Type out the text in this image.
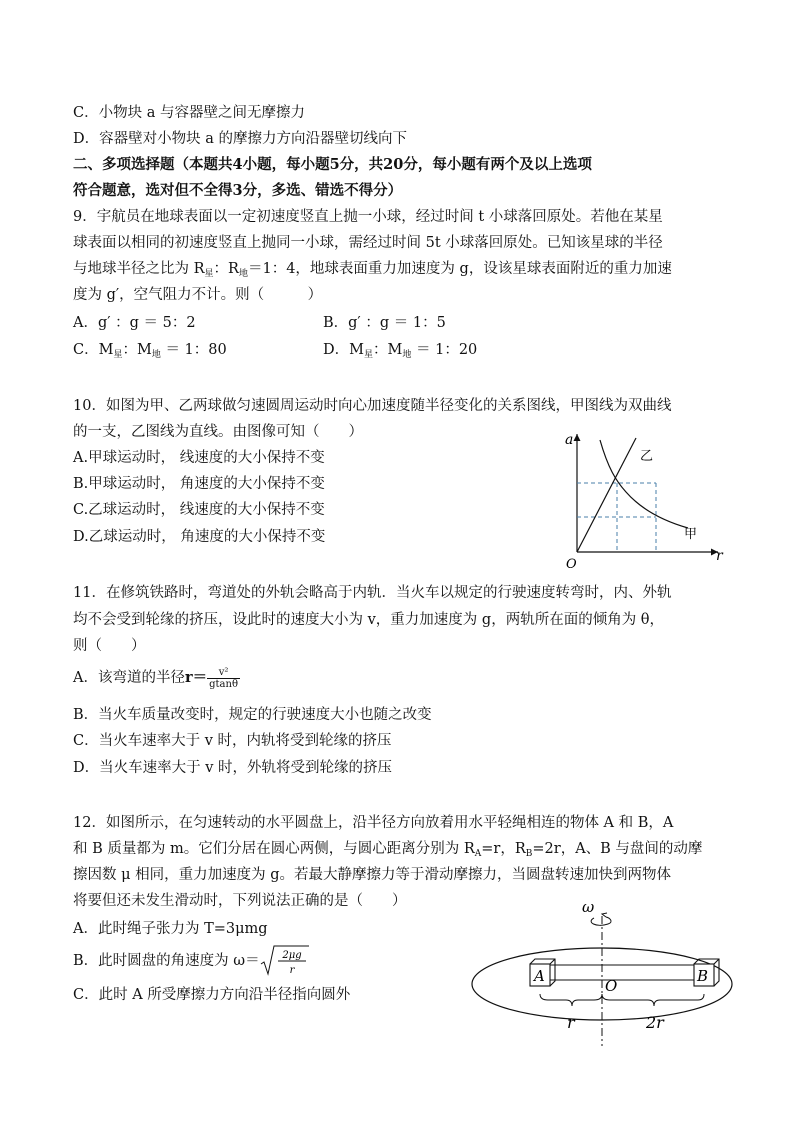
C．小物块 a 与容器壁之间无摩擦力
D．容器壁对小物块 a 的摩擦力方向沿器壁切线向下
二、多项选择题（本题共4小题，每小题5分，共20分，每小题有两个及以上选项
符合题意，选对但不全得3分，多选、错选不得分）
9．宇航员在地球表面以一定初速度竖直上抛一小球，经过时间 t 小球落回原处。若他在某星
球表面以相同的初速度竖直上抛同一小球，需经过时间 5t 小球落回原处。已知该星球的半径
与地球半径之比为 $R_星$：$R_地=1$：4，地球表面重力加速度为 g，设该星球表面附近的重力加速
度为 g′，空气阻力不计。则（　　　）
A．g′ ：g ＝ 5：2	B．g′ ：g ＝ 1：5
C．$M_星$：$M_地 = 1$：80	D．$M_星$：$M_地 = 1$：20
10．如图为甲、乙两球做匀速圆周运动时向心加速度随半径变化的关系图线，甲图线为双曲线
的一支，乙图线为直线。由图像可知（　　）
A.甲球运动时， 线速度的大小保持不变
B.甲球运动时， 角速度的大小保持不变
C.乙球运动时， 线速度的大小保持不变
D.乙球运动时， 角速度的大小保持不变
a
r
O
乙
甲
11．在修筑铁路时，弯道处的外轨会略高于内轨．当火车以规定的行驶速度转弯时，内、外轨
均不会受到轮缘的挤压，设此时的速度大小为 v，重力加速度为 g，两轨所在面的倾角为 θ，
则（　　）
A．该弯道的半径$r= \frac{\text{v²}}{gtan\theta}$
B．当火车质量改变时，规定的行驶速度大小也随之改变
C．当火车速率大于 v 时，内轨将受到轮缘的挤压
D．当火车速率大于 v 时，外轨将受到轮缘的挤压
12．如图所示，在匀速转动的水平圆盘上，沿半径方向放着用水平轻绳相连的物体 A 和 B，A
和 B 质量都为 m。它们分居在圆心两侧，与圆心距离分别为 $R_A=r$，$R_B=2r$，A、B 与盘间的动摩
擦因数 μ 相同，重力加速度为 g。若最大静摩擦力等于滑动摩擦力，当圆盘转速加快到两物体
将要但还未发生滑动时，下列说法正确的是（　　）
A．此时绳子张力为 T=3μmg
B．此时圆盘的角速度为 ω＝ 2μg
r
C．此时 A 所受摩擦力方向沿半径指向圆外
ω
A	B
O
r	2r
